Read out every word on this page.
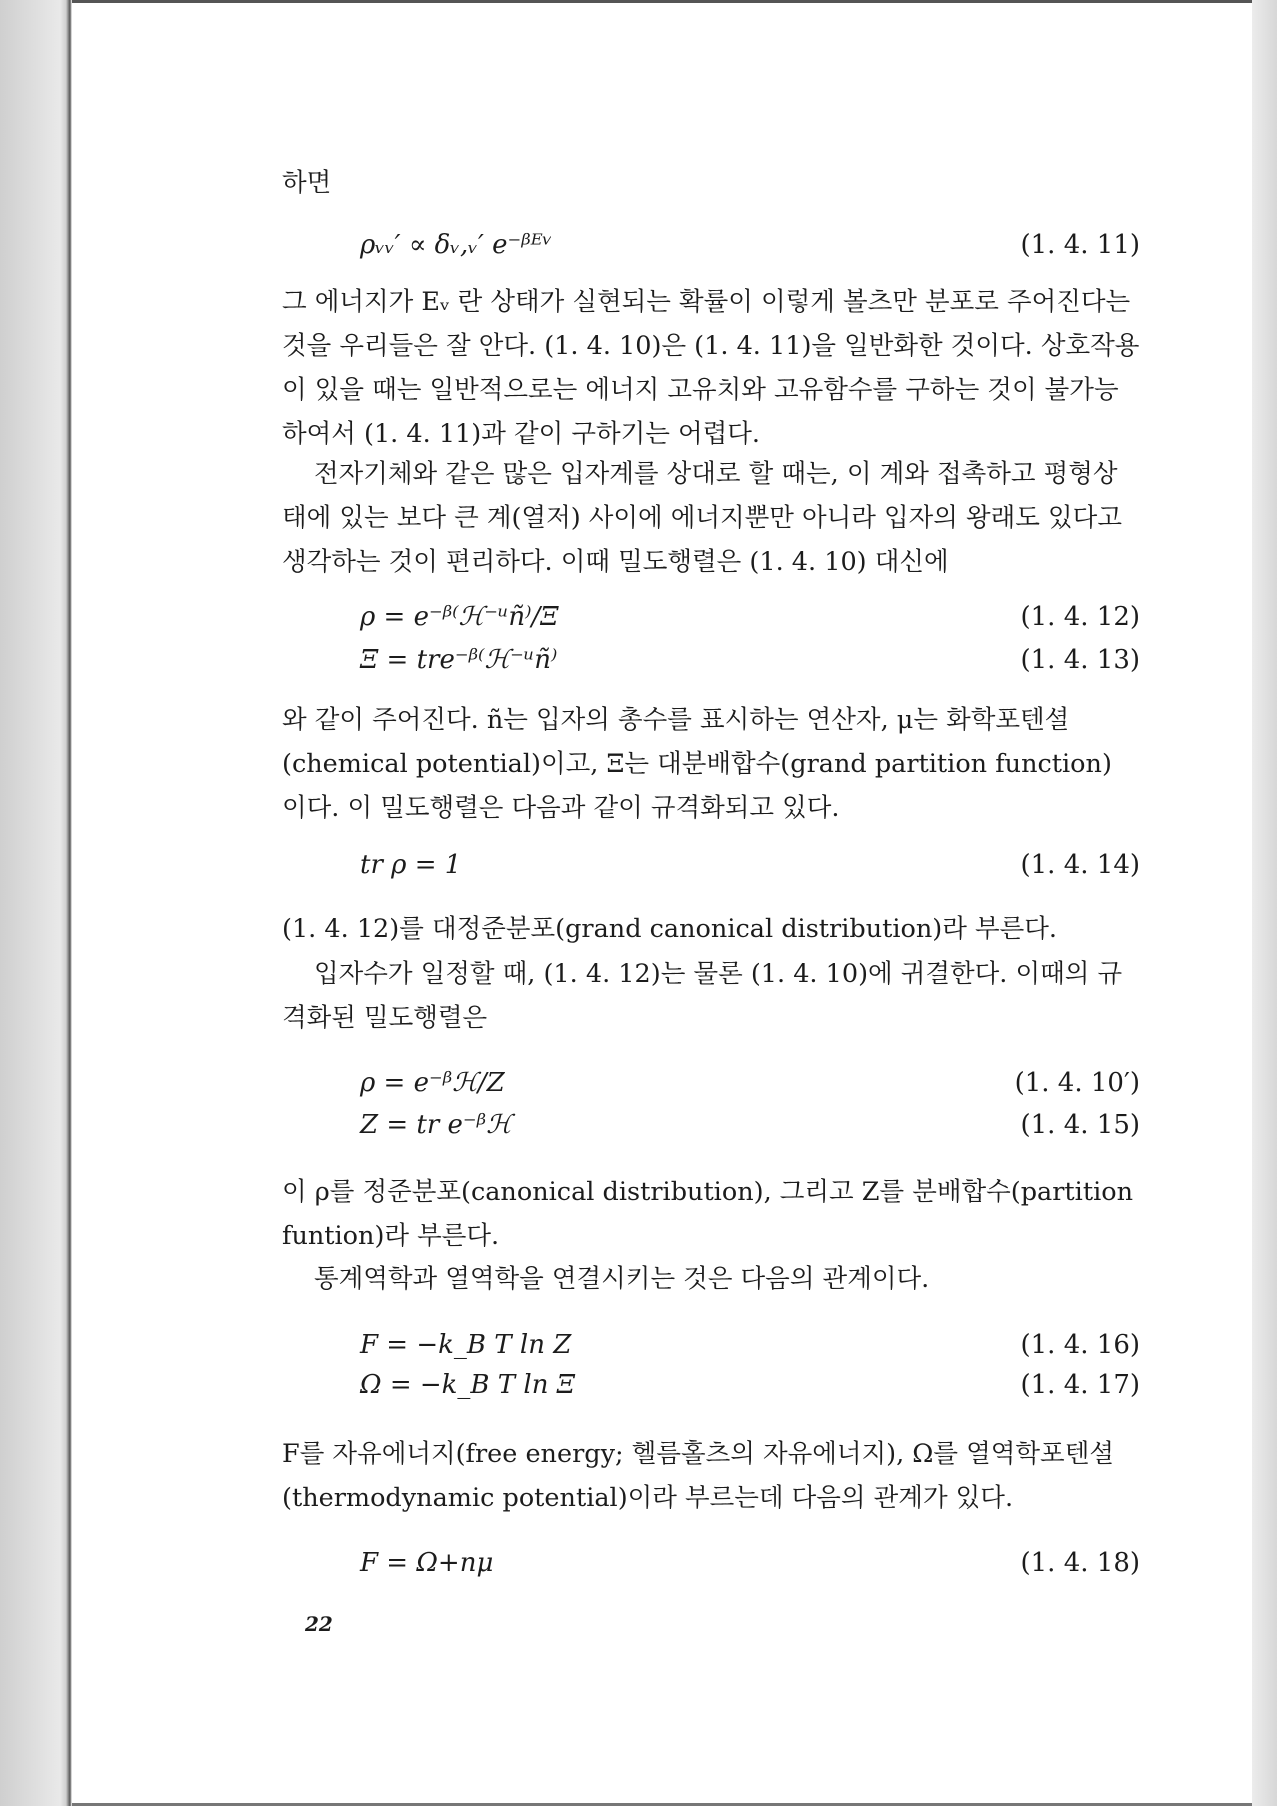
하면
ρᵥᵥ′ ∝ δᵥ,ᵥ′ e⁻ᵝᴱᵛ	(1. 4. 11)
그 에너지가 Eᵥ 란 상태가 실현되는 확률이 이렇게 볼츠만 분포로 주어진다는 것을 우리들은 잘 안다. (1. 4. 10)은 (1. 4. 11)을 일반화한 것이다. 상호작용이 있을 때는 일반적으로는 에너지 고유치와 고유함수를 구하는 것이 불가능하여서 (1. 4. 11)과 같이 구하기는 어렵다.
전자기체와 같은 많은 입자계를 상대로 할 때는, 이 계와 접촉하고 평형상태에 있는 보다 큰 계(열저) 사이에 에너지뿐만 아니라 입자의 왕래도 있다고 생각하는 것이 편리하다. 이때 밀도행렬은 (1. 4. 10) 대신에
ρ = e⁻ᵝ⁽ℋ⁻ᵘñ⁾/Ξ	(1. 4. 12)
Ξ = tre⁻ᵝ⁽ℋ⁻ᵘñ⁾	(1. 4. 13)
와 같이 주어진다. ñ는 입자의 총수를 표시하는 연산자, μ는 화학포텐셜 (chemical potential)이고, Ξ는 대분배합수(grand partition function) 이다. 이 밀도행렬은 다음과 같이 규격화되고 있다.
tr ρ = 1	(1. 4. 14)
(1. 4. 12)를 대정준분포(grand canonical distribution)라 부른다.
입자수가 일정할 때, (1. 4. 12)는 물론 (1. 4. 10)에 귀결한다. 이때의 규격화된 밀도행렬은
ρ = e⁻ᵝℋ/Z	(1. 4. 10′)
Z = tr e⁻ᵝℋ	(1. 4. 15)
이 ρ를 정준분포(canonical distribution), 그리고 Z를 분배합수(partition funtion)라 부른다.
통계역학과 열역학을 연결시키는 것은 다음의 관계이다.
F = −k_B T ln Z	(1. 4. 16)
Ω = −k_B T ln Ξ	(1. 4. 17)
F를 자유에너지(free energy; 헬름홀츠의 자유에너지), Ω를 열역학포텐셜(thermodynamic potential)이라 부르는데 다음의 관계가 있다.
F = Ω+nμ	(1. 4. 18)
22
